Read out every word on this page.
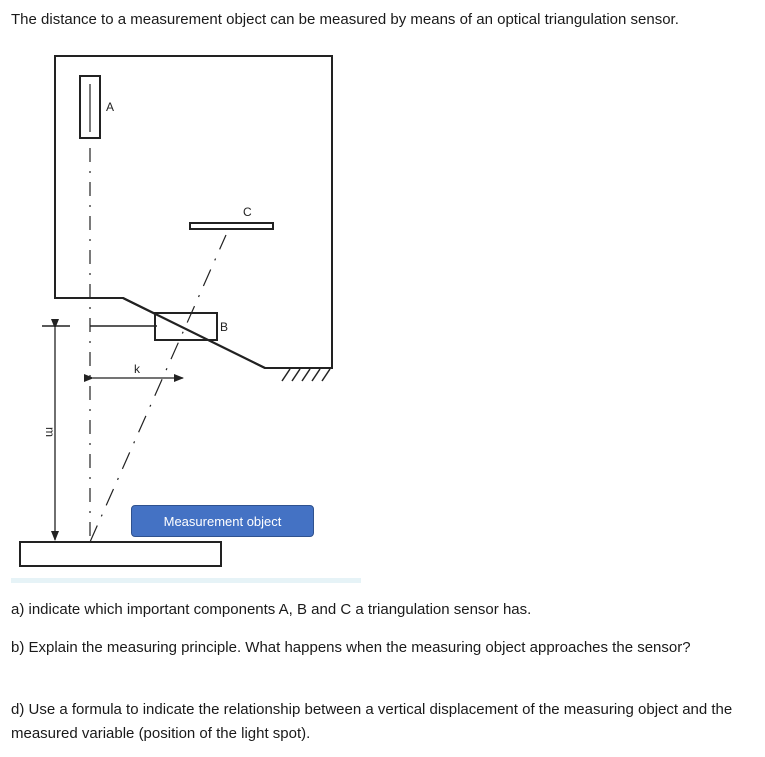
The distance to a measurement object can be measured by means of an optical triangulation sensor.
A
C
B
k
m
Measurement object
a) indicate which important components A, B and C a triangulation sensor has.
b) Explain the measuring principle. What happens when the measuring object approaches the sensor?
d) Use a formula to indicate the relationship between a vertical displacement of the measuring object and the measured variable (position of the light spot).
